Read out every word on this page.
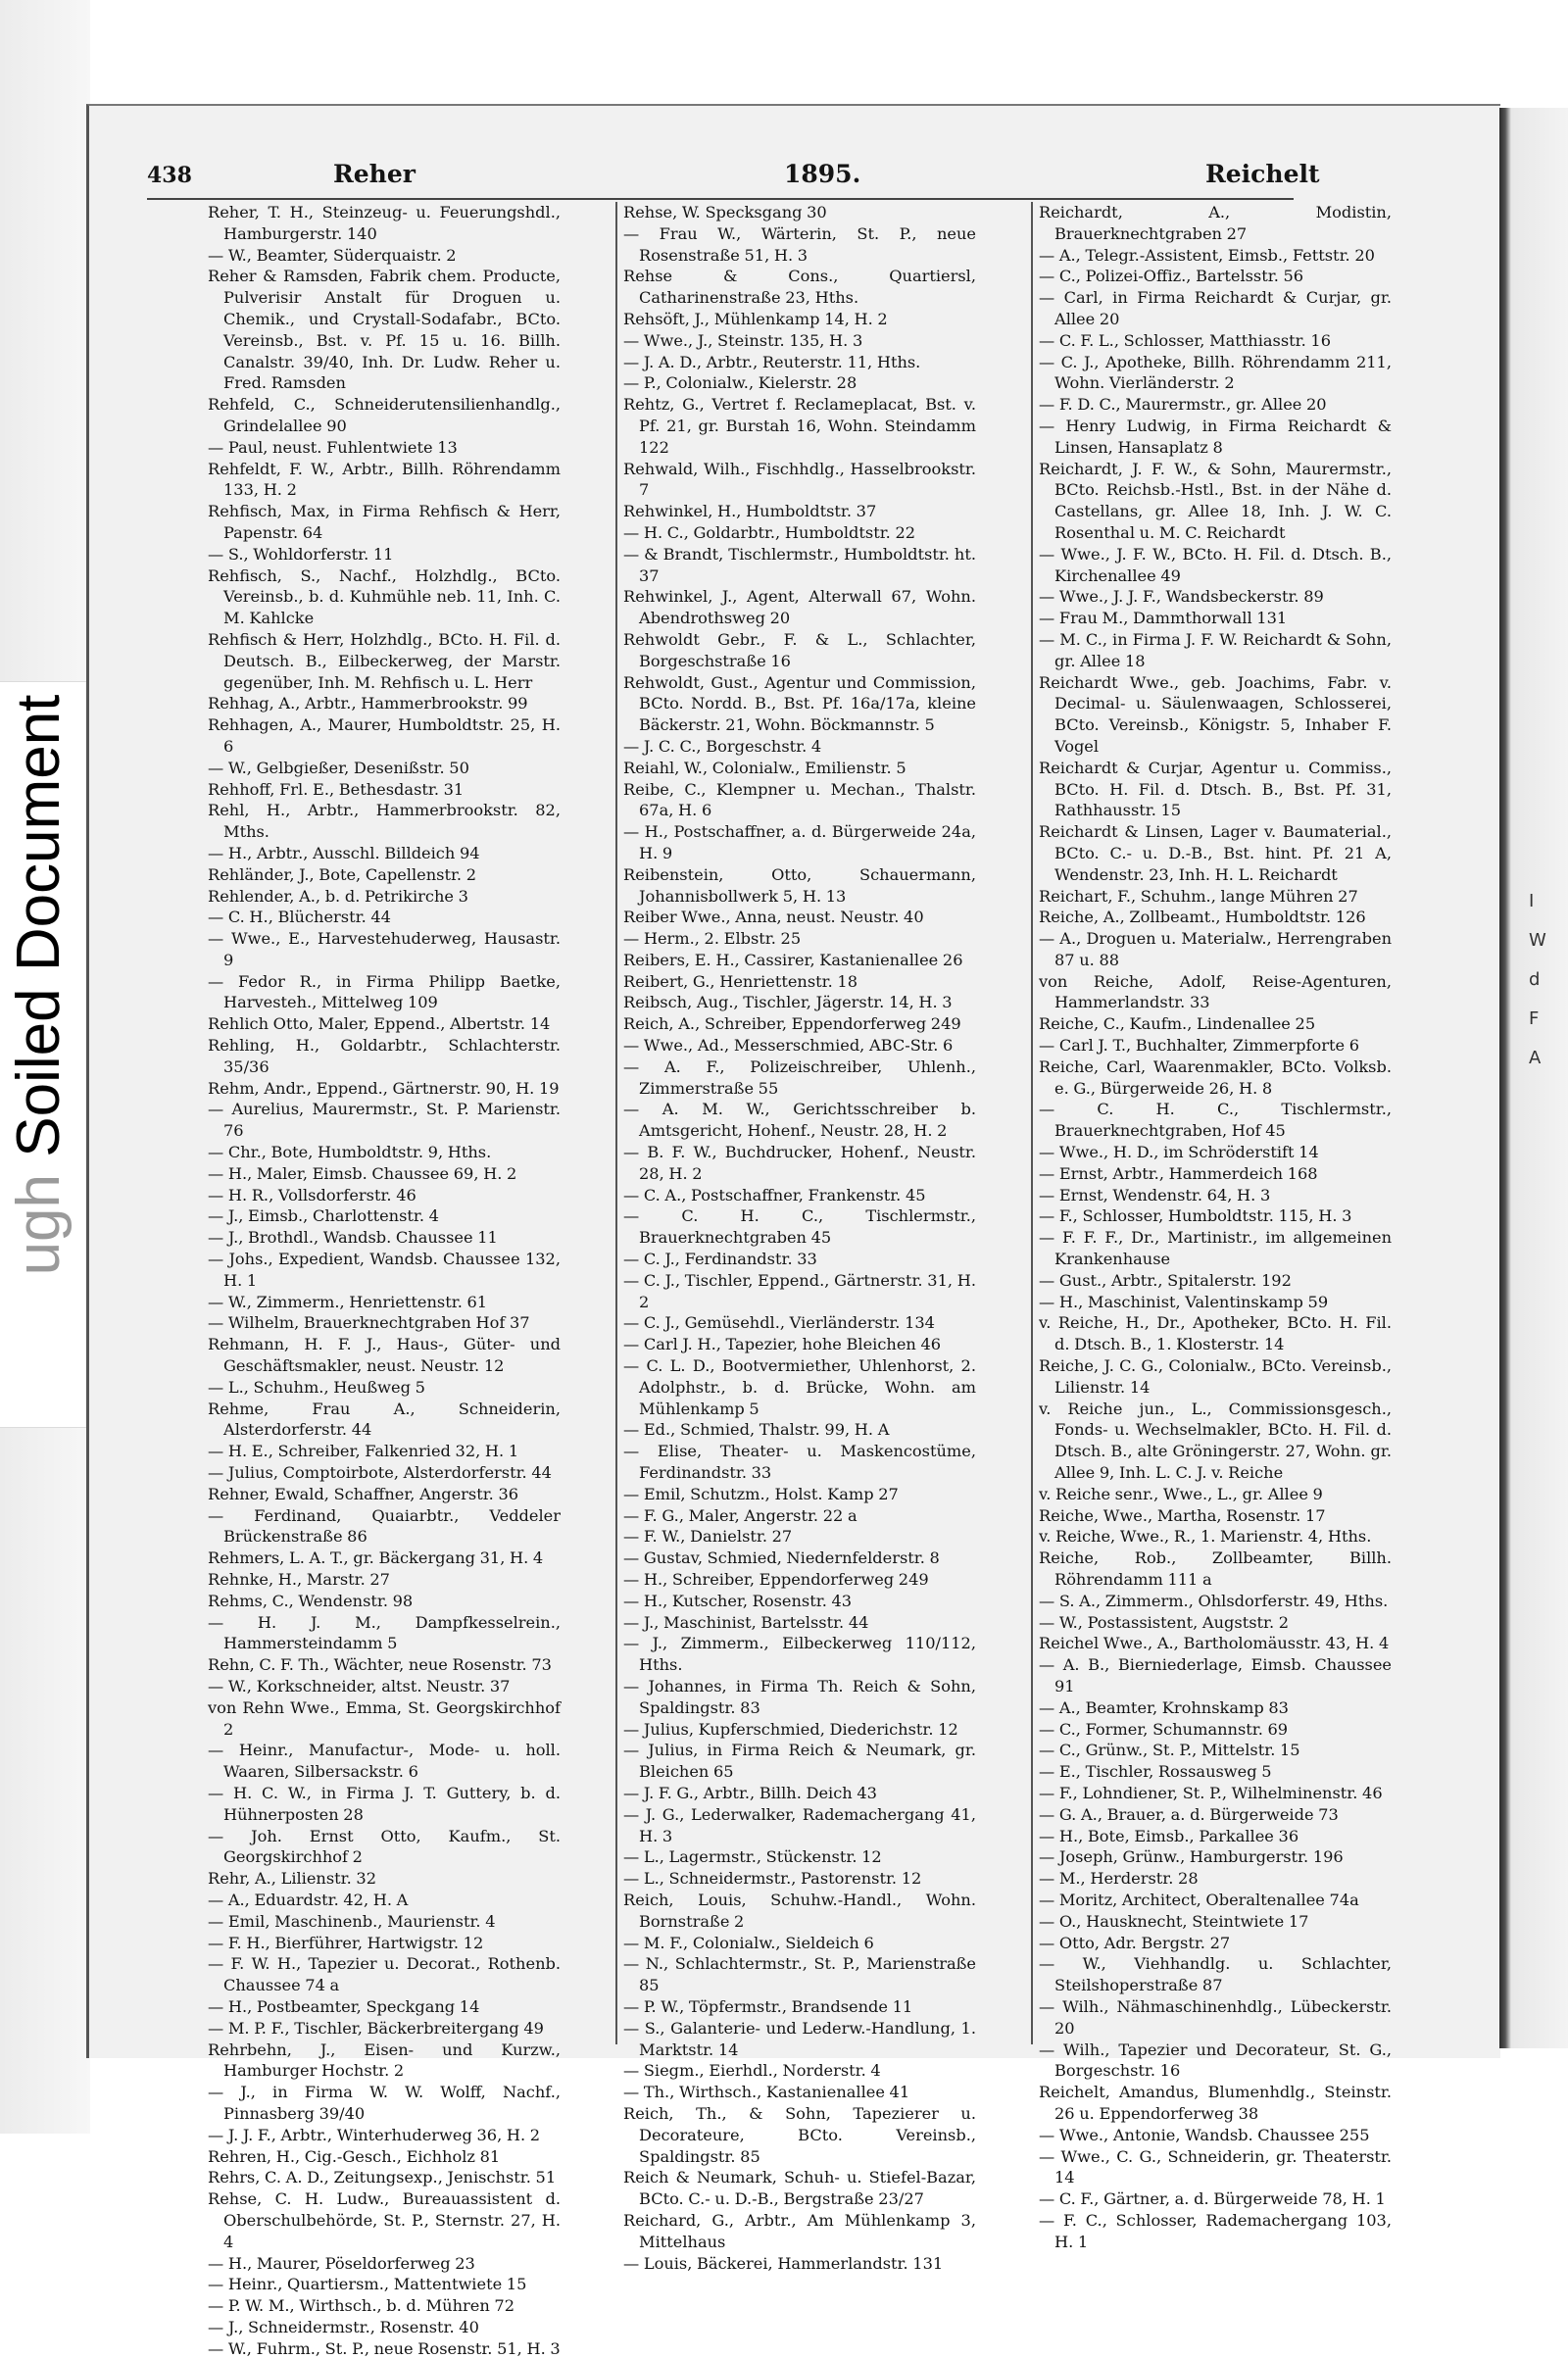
ugh Soiled Document
438	Reher	1895.	Reichelt
Reher, T. H., Steinzeug- u. Feuerungshdl., Hamburgerstr. 140
— W., Beamter, Süderquaistr. 2
Reher & Ramsden, Fabrik chem. Producte, Pulverisir Anstalt für Droguen u. Chemik., und Crystall-Sodafabr., BCto. Vereinsb., Bst. v. Pf. 15 u. 16. Billh. Canalstr. 39/40, Inh. Dr. Ludw. Reher u. Fred. Ramsden
Rehfeld, C., Schneiderutensilienhandlg., Grindelallee 90
— Paul, neust. Fuhlentwiete 13
Rehfeldt, F. W., Arbtr., Billh. Röhrendamm 133, H. 2
Rehfisch, Max, in Firma Rehfisch & Herr, Papenstr. 64
— S., Wohldorferstr. 11
Rehfisch, S., Nachf., Holzhdlg., BCto. Vereinsb., b. d. Kuhmühle neb. 11, Inh. C. M. Kahlcke
Rehfisch & Herr, Holzhdlg., BCto. H. Fil. d. Deutsch. B., Eilbeckerweg, der Marstr. gegenüber, Inh. M. Rehfisch u. L. Herr
Rehhag, A., Arbtr., Hammerbrookstr. 99
Rehhagen, A., Maurer, Humboldtstr. 25, H. 6
— W., Gelbgießer, Desenißstr. 50
Rehhoff, Frl. E., Bethesdastr. 31
Rehl, H., Arbtr., Hammerbrookstr. 82, Mths.
— H., Arbtr., Ausschl. Billdeich 94
Rehländer, J., Bote, Capellenstr. 2
Rehlender, A., b. d. Petrikirche 3
— C. H., Blücherstr. 44
— Wwe., E., Harvestehuderweg, Hausastr. 9
— Fedor R., in Firma Philipp Baetke, Harvesteh., Mittelweg 109
Rehlich Otto, Maler, Eppend., Albertstr. 14
Rehling, H., Goldarbtr., Schlachterstr. 35/36
Rehm, Andr., Eppend., Gärtnerstr. 90, H. 19
— Aurelius, Maurermstr., St. P. Marienstr. 76
— Chr., Bote, Humboldtstr. 9, Hths.
— H., Maler, Eimsb. Chaussee 69, H. 2
— H. R., Vollsdorferstr. 46
— J., Eimsb., Charlottenstr. 4
— J., Brothdl., Wandsb. Chaussee 11
— Johs., Expedient, Wandsb. Chaussee 132, H. 1
— W., Zimmerm., Henriettenstr. 61
— Wilhelm, Brauerknechtgraben Hof 37
Rehmann, H. F. J., Haus-, Güter- und Geschäftsmakler, neust. Neustr. 12
— L., Schuhm., Heußweg 5
Rehme, Frau A., Schneiderin, Alsterdorferstr. 44
— H. E., Schreiber, Falkenried 32, H. 1
— Julius, Comptoirbote, Alsterdorferstr. 44
Rehner, Ewald, Schaffner, Angerstr. 36
— Ferdinand, Quaiarbtr., Veddeler Brückenstraße 86
Rehmers, L. A. T., gr. Bäckergang 31, H. 4
Rehnke, H., Marstr. 27
Rehms, C., Wendenstr. 98
— H. J. M., Dampfkesselrein., Hammersteindamm 5
Rehn, C. F. Th., Wächter, neue Rosenstr. 73
— W., Korkschneider, altst. Neustr. 37
von Rehn Wwe., Emma, St. Georgskirchhof 2
— Heinr., Manufactur-, Mode- u. holl. Waaren, Silbersackstr. 6
— H. C. W., in Firma J. T. Guttery, b. d. Hühnerposten 28
— Joh. Ernst Otto, Kaufm., St. Georgskirchhof 2
Rehr, A., Lilienstr. 32
— A., Eduardstr. 42, H. A
— Emil, Maschinenb., Maurienstr. 4
— F. H., Bierführer, Hartwigstr. 12
— F. W. H., Tapezier u. Decorat., Rothenb. Chaussee 74 a
— H., Postbeamter, Speckgang 14
— M. P. F., Tischler, Bäckerbreitergang 49
Rehrbehn, J., Eisen- und Kurzw., Hamburger Hochstr. 2
— J., in Firma W. W. Wolff, Nachf., Pinnasberg 39/40
— J. J. F., Arbtr., Winterhuderweg 36, H. 2
Rehren, H., Cig.-Gesch., Eichholz 81
Rehrs, C. A. D., Zeitungsexp., Jenischstr. 51
Rehse, C. H. Ludw., Bureauassistent d. Oberschulbehörde, St. P., Sternstr. 27, H. 4
— H., Maurer, Pöseldorferweg 23
— Heinr., Quartiersm., Mattentwiete 15
— P. W. M., Wirthsch., b. d. Mühren 72
— J., Schneidermstr., Rosenstr. 40
— W., Fuhrm., St. P., neue Rosenstr. 51, H. 3
Rehse, W. Specksgang 30
— Frau W., Wärterin, St. P., neue Rosenstraße 51, H. 3
Rehse & Cons., Quartiersl, Catharinenstraße 23, Hths.
Rehsöft, J., Mühlenkamp 14, H. 2
— Wwe., J., Steinstr. 135, H. 3
— J. A. D., Arbtr., Reuterstr. 11, Hths.
— P., Colonialw., Kielerstr. 28
Rehtz, G., Vertret f. Reclameplacat, Bst. v. Pf. 21, gr. Burstah 16, Wohn. Steindamm 122
Rehwald, Wilh., Fischhdlg., Hasselbrookstr. 7
Rehwinkel, H., Humboldtstr. 37
— H. C., Goldarbtr., Humboldtstr. 22
— & Brandt, Tischlermstr., Humboldtstr. ht. 37
Rehwinkel, J., Agent, Alterwall 67, Wohn. Abendrothsweg 20
Rehwoldt Gebr., F. & L., Schlachter, Borgeschstraße 16
Rehwoldt, Gust., Agentur und Commission, BCto. Nordd. B., Bst. Pf. 16a/17a, kleine Bäckerstr. 21, Wohn. Böckmannstr. 5
— J. C. C., Borgeschstr. 4
Reiahl, W., Colonialw., Emilienstr. 5
Reibe, C., Klempner u. Mechan., Thalstr. 67a, H. 6
— H., Postschaffner, a. d. Bürgerweide 24a, H. 9
Reibenstein, Otto, Schauermann, Johannisbollwerk 5, H. 13
Reiber Wwe., Anna, neust. Neustr. 40
— Herm., 2. Elbstr. 25
Reibers, E. H., Cassirer, Kastanienallee 26
Reibert, G., Henriettenstr. 18
Reibsch, Aug., Tischler, Jägerstr. 14, H. 3
Reich, A., Schreiber, Eppendorferweg 249
— Wwe., Ad., Messerschmied, ABC-Str. 6
— A. F., Polizeischreiber, Uhlenh., Zimmerstraße 55
— A. M. W., Gerichtsschreiber b. Amtsgericht, Hohenf., Neustr. 28, H. 2
— B. F. W., Buchdrucker, Hohenf., Neustr. 28, H. 2
— C. A., Postschaffner, Frankenstr. 45
— C. H. C., Tischlermstr., Brauerknechtgraben 45
— C. J., Ferdinandstr. 33
— C. J., Tischler, Eppend., Gärtnerstr. 31, H. 2
— C. J., Gemüsehdl., Vierländerstr. 134
— Carl J. H., Tapezier, hohe Bleichen 46
— C. L. D., Bootvermiether, Uhlenhorst, 2. Adolphstr., b. d. Brücke, Wohn. am Mühlenkamp 5
— Ed., Schmied, Thalstr. 99, H. A
— Elise, Theater- u. Maskencostüme, Ferdinandstr. 33
— Emil, Schutzm., Holst. Kamp 27
— F. G., Maler, Angerstr. 22 a
— F. W., Danielstr. 27
— Gustav, Schmied, Niedernfelderstr. 8
— H., Schreiber, Eppendorferweg 249
— H., Kutscher, Rosenstr. 43
— J., Maschinist, Bartelsstr. 44
— J., Zimmerm., Eilbeckerweg 110/112, Hths.
— Johannes, in Firma Th. Reich & Sohn, Spaldingstr. 83
— Julius, Kupferschmied, Diederichstr. 12
— Julius, in Firma Reich & Neumark, gr. Bleichen 65
— J. F. G., Arbtr., Billh. Deich 43
— J. G., Lederwalker, Rademachergang 41, H. 3
— L., Lagermstr., Stückenstr. 12
— L., Schneidermstr., Pastorenstr. 12
Reich, Louis, Schuhw.-Handl., Wohn. Bornstraße 2
— M. F., Colonialw., Sieldeich 6
— N., Schlachtermstr., St. P., Marienstraße 85
— P. W., Töpfermstr., Brandsende 11
— S., Galanterie- und Lederw.-Handlung, 1. Marktstr. 14
— Siegm., Eierhdl., Norderstr. 4
— Th., Wirthsch., Kastanienallee 41
Reich, Th., & Sohn, Tapezierer u. Decorateure, BCto. Vereinsb., Spaldingstr. 85
Reich & Neumark, Schuh- u. Stiefel-Bazar, BCto. C.- u. D.-B., Bergstraße 23/27
Reichard, G., Arbtr., Am Mühlenkamp 3, Mittelhaus
— Louis, Bäckerei, Hammerlandstr. 131
Reichardt, A., Modistin, Brauerknechtgraben 27
— A., Telegr.-Assistent, Eimsb., Fettstr. 20
— C., Polizei-Offiz., Bartelsstr. 56
— Carl, in Firma Reichardt & Curjar, gr. Allee 20
— C. F. L., Schlosser, Matthiasstr. 16
— C. J., Apotheke, Billh. Röhrendamm 211, Wohn. Vierländerstr. 2
— F. D. C., Maurermstr., gr. Allee 20
— Henry Ludwig, in Firma Reichardt & Linsen, Hansaplatz 8
Reichardt, J. F. W., & Sohn, Maurermstr., BCto. Reichsb.-Hstl., Bst. in der Nähe d. Castellans, gr. Allee 18, Inh. J. W. C. Rosenthal u. M. C. Reichardt
— Wwe., J. F. W., BCto. H. Fil. d. Dtsch. B., Kirchenallee 49
— Wwe., J. J. F., Wandsbeckerstr. 89
— Frau M., Dammthorwall 131
— M. C., in Firma J. F. W. Reichardt & Sohn, gr. Allee 18
Reichardt Wwe., geb. Joachims, Fabr. v. Decimal- u. Säulenwaagen, Schlosserei, BCto. Vereinsb., Königstr. 5, Inhaber F. Vogel
Reichardt & Curjar, Agentur u. Commiss., BCto. H. Fil. d. Dtsch. B., Bst. Pf. 31, Rathhausstr. 15
Reichardt & Linsen, Lager v. Baumaterial., BCto. C.- u. D.-B., Bst. hint. Pf. 21 A, Wendenstr. 23, Inh. H. L. Reichardt
Reichart, F., Schuhm., lange Mühren 27
Reiche, A., Zollbeamt., Humboldtstr. 126
— A., Droguen u. Materialw., Herrengraben 87 u. 88
von Reiche, Adolf, Reise-Agenturen, Hammerlandstr. 33
Reiche, C., Kaufm., Lindenallee 25
— Carl J. T., Buchhalter, Zimmerpforte 6
Reiche, Carl, Waarenmakler, BCto. Volksb. e. G., Bürgerweide 26, H. 8
— C. H. C., Tischlermstr., Brauerknechtgraben, Hof 45
— Wwe., H. D., im Schröderstift 14
— Ernst, Arbtr., Hammerdeich 168
— Ernst, Wendenstr. 64, H. 3
— F., Schlosser, Humboldtstr. 115, H. 3
— F. F. F., Dr., Martinistr., im allgemeinen Krankenhause
— Gust., Arbtr., Spitalerstr. 192
— H., Maschinist, Valentinskamp 59
v. Reiche, H., Dr., Apotheker, BCto. H. Fil. d. Dtsch. B., 1. Klosterstr. 14
Reiche, J. C. G., Colonialw., BCto. Vereinsb., Lilienstr. 14
v. Reiche jun., L., Commissionsgesch., Fonds- u. Wechselmakler, BCto. H. Fil. d. Dtsch. B., alte Gröningerstr. 27, Wohn. gr. Allee 9, Inh. L. C. J. v. Reiche
v. Reiche senr., Wwe., L., gr. Allee 9
Reiche, Wwe., Martha, Rosenstr. 17
v. Reiche, Wwe., R., 1. Marienstr. 4, Hths.
Reiche, Rob., Zollbeamter, Billh. Röhrendamm 111 a
— S. A., Zimmerm., Ohlsdorferstr. 49, Hths.
— W., Postassistent, Augststr. 2
Reichel Wwe., A., Bartholomäusstr. 43, H. 4
— A. B., Bierniederlage, Eimsb. Chaussee 91
— A., Beamter, Krohnskamp 83
— C., Former, Schumannstr. 69
— C., Grünw., St. P., Mittelstr. 15
— E., Tischler, Rossausweg 5
— F., Lohndiener, St. P., Wilhelminenstr. 46
— G. A., Brauer, a. d. Bürgerweide 73
— H., Bote, Eimsb., Parkallee 36
— Joseph, Grünw., Hamburgerstr. 196
— M., Herderstr. 28
— Moritz, Architect, Oberaltenallee 74a
— O., Hausknecht, Steintwiete 17
— Otto, Adr. Bergstr. 27
— W., Viehhandlg. u. Schlachter, Steilshoperstraße 87
— Wilh., Nähmaschinenhdlg., Lübeckerstr. 20
— Wilh., Tapezier und Decorateur, St. G., Borgeschstr. 16
Reichelt, Amandus, Blumenhdlg., Steinstr. 26 u. Eppendorferweg 38
— Wwe., Antonie, Wandsb. Chaussee 255
— Wwe., C. G., Schneiderin, gr. Theaterstr. 14
— C. F., Gärtner, a. d. Bürgerweide 78, H. 1
— F. C., Schlosser, Rademachergang 103, H. 1
I
W
d
F
A
